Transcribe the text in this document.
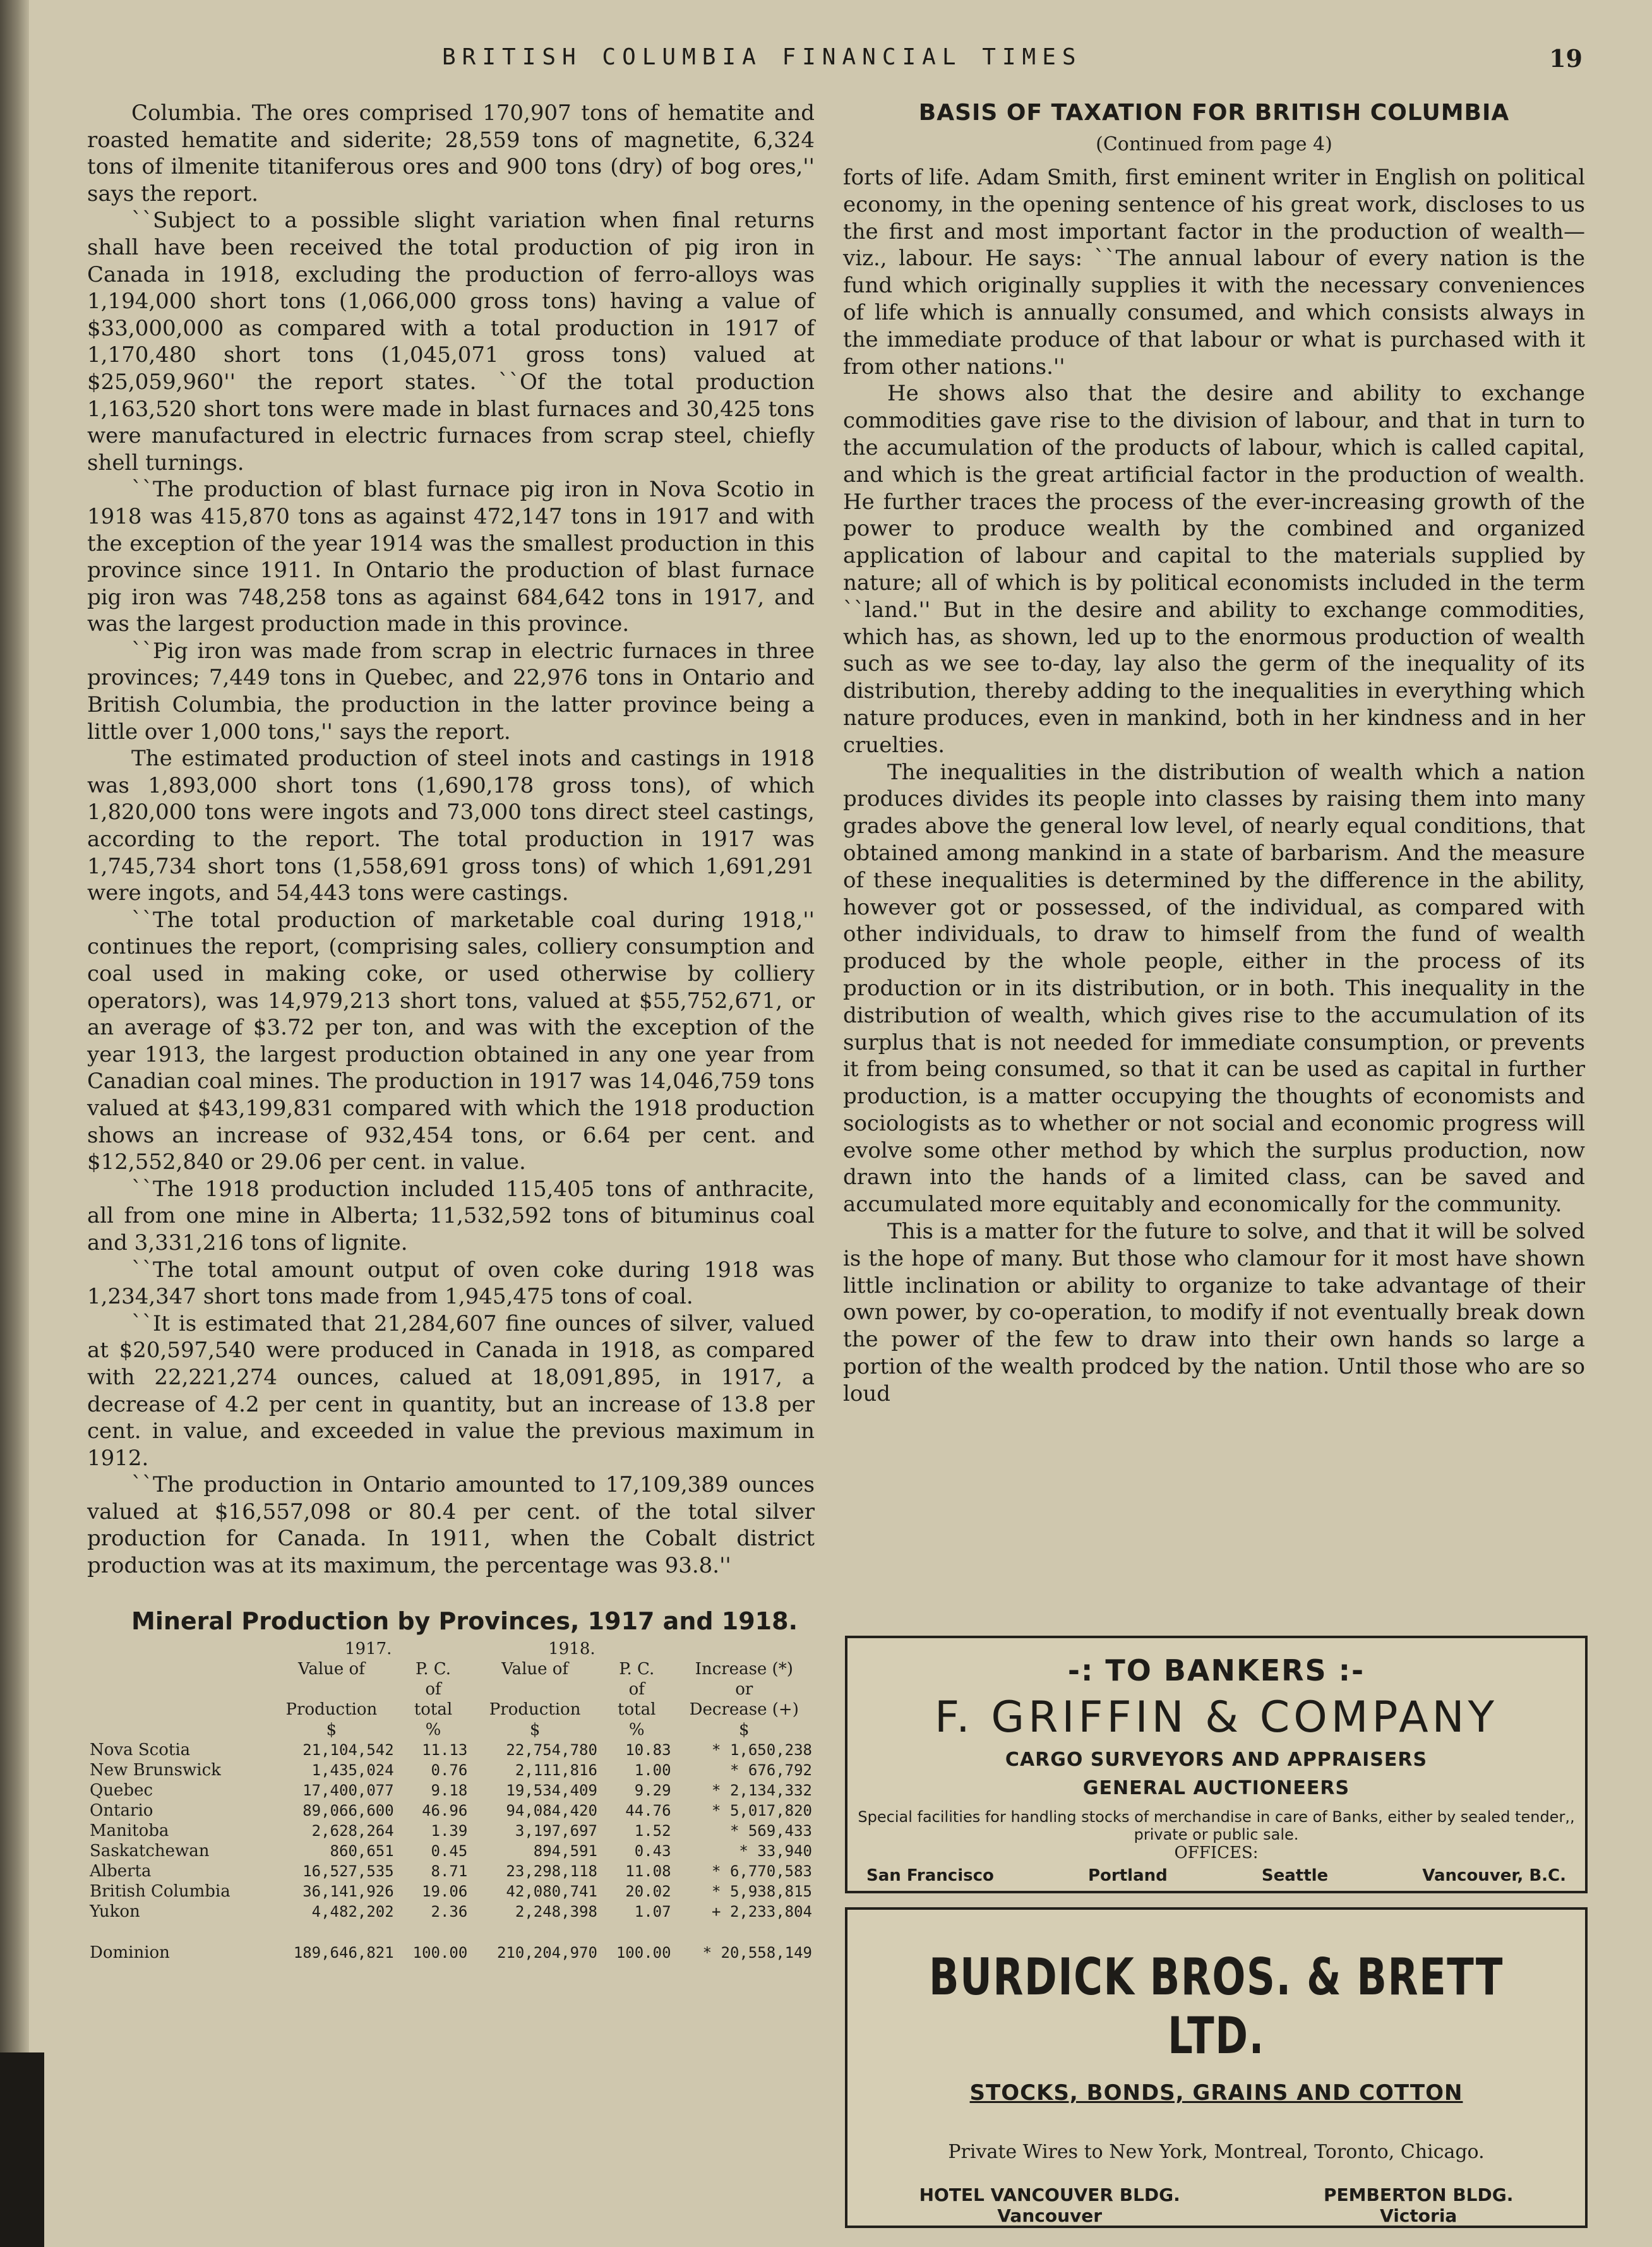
BRITISH COLUMBIA FINANCIAL TIMES	19

Columbia. The ores comprised 170,907 tons of hematite and roasted hematite and siderite; 28,559 tons of magnetite, 6,324 tons of ilmenite titaniferous ores and 900 tons (dry) of bog ores,'' says the report.

``Subject to a possible slight variation when final returns shall have been received the total production of pig iron in Canada in 1918, excluding the production of ferro-alloys was 1,194,000 short tons (1,066,000 gross tons) having a value of $33,000,000 as compared with a total production in 1917 of 1,170,480 short tons (1,045,071 gross tons) valued at $25,059,960'' the report states. ``Of the total production 1,163,520 short tons were made in blast furnaces and 30,425 tons were manufactured in electric furnaces from scrap steel, chiefly shell turnings.

``The production of blast furnace pig iron in Nova Scotio in 1918 was 415,870 tons as against 472,147 tons in 1917 and with the exception of the year 1914 was the smallest production in this province since 1911. In Ontario the production of blast furnace pig iron was 748,258 tons as against 684,642 tons in 1917, and was the largest production made in this province.

``Pig iron was made from scrap in electric furnaces in three provinces; 7,449 tons in Quebec, and 22,976 tons in Ontario and British Columbia, the production in the latter province being a little over 1,000 tons,'' says the report.

The estimated production of steel inots and castings in 1918 was 1,893,000 short tons (1,690,178 gross tons), of which 1,820,000 tons were ingots and 73,000 tons direct steel castings, according to the report. The total production in 1917 was 1,745,734 short tons (1,558,691 gross tons) of which 1,691,291 were ingots, and 54,443 tons were castings.

``The total production of marketable coal during 1918,'' continues the report, (comprising sales, colliery consumption and coal used in making coke, or used otherwise by colliery operators), was 14,979,213 short tons, valued at $55,752,671, or an average of $3.72 per ton, and was with the exception of the year 1913, the largest production obtained in any one year from Canadian coal mines. The production in 1917 was 14,046,759 tons valued at $43,199,831 compared with which the 1918 production shows an increase of 932,454 tons, or 6.64 per cent. and $12,552,840 or 29.06 per cent. in value.

``The 1918 production included 115,405 tons of anthracite, all from one mine in Alberta; 11,532,592 tons of bituminus coal and 3,331,216 tons of lignite.

``The total amount output of oven coke during 1918 was 1,234,347 short tons made from 1,945,475 tons of coal.

``It is estimated that 21,284,607 fine ounces of silver, valued at $20,597,540 were produced in Canada in 1918, as compared with 22,221,274 ounces, calued at 18,091,895, in 1917, a decrease of 4.2 per cent in quantity, but an increase of 13.8 per cent. in value, and exceeded in value the previous maximum in 1912.

``The production in Ontario amounted to 17,109,389 ounces valued at $16,557,098 or 80.4 per cent. of the total silver production for Canada. In 1911, when the Cobalt district production was at its maximum, the percentage was 93.8.''

Mineral Production by Provinces, 1917 and 1918.
	1917.		1918.		
	Value of	P. C.	Value of	P. C.	Increase (*)
		of		of	or
	Production	total	Production	total	Decrease (+)
	$	%	$	%	$
Nova Scotia	21,104,542	11.13	22,754,780	10.83	* 1,650,238
New Brunswick	1,435,024	0.76	2,111,816	1.00	* 676,792
Quebec	17,400,077	9.18	19,534,409	9.29	* 2,134,332
Ontario	89,066,600	46.96	94,084,420	44.76	* 5,017,820
Manitoba	2,628,264	1.39	3,197,697	1.52	* 569,433
Saskatchewan	860,651	0.45	894,591	0.43	* 33,940
Alberta	16,527,535	8.71	23,298,118	11.08	* 6,770,583
British Columbia	36,141,926	19.06	42,080,741	20.02	* 5,938,815
Yukon	4,482,202	2.36	2,248,398	1.07	+ 2,233,804
Dominion	189,646,821	100.00	210,204,970	100.00	* 20,558,149
BASIS OF TAXATION FOR BRITISH COLUMBIA
(Continued from page 4)

forts of life. Adam Smith, first eminent writer in English on political economy, in the opening sentence of his great work, discloses to us the first and most important factor in the production of wealth—viz., labour. He says: ``The annual labour of every nation is the fund which originally supplies it with the necessary conveniences of life which is annually consumed, and which consists always in the immediate produce of that labour or what is purchased with it from other nations.''

He shows also that the desire and ability to exchange commodities gave rise to the division of labour, and that in turn to the accumulation of the products of labour, which is called capital, and which is the great artificial factor in the production of wealth. He further traces the process of the ever-increasing growth of the power to produce wealth by the combined and organized application of labour and capital to the materials supplied by nature; all of which is by political economists included in the term ``land.'' But in the desire and ability to exchange commodities, which has, as shown, led up to the enormous production of wealth such as we see to-day, lay also the germ of the inequality of its distribution, thereby adding to the inequalities in everything which nature produces, even in mankind, both in her kindness and in her cruelties.

The inequalities in the distribution of wealth which a nation produces divides its people into classes by raising them into many grades above the general low level, of nearly equal conditions, that obtained among mankind in a state of barbarism. And the measure of these inequalities is determined by the difference in the ability, however got or possessed, of the individual, as compared with other individuals, to draw to himself from the fund of wealth produced by the whole people, either in the process of its production or in its distribution, or in both. This inequality in the distribution of wealth, which gives rise to the accumulation of its surplus that is not needed for immediate consumption, or prevents it from being consumed, so that it can be used as capital in further production, is a matter occupying the thoughts of economists and sociologists as to whether or not social and economic progress will evolve some other method by which the surplus production, now drawn into the hands of a limited class, can be saved and accumulated more equitably and economically for the community.

This is a matter for the future to solve, and that it will be solved is the hope of many. But those who clamour for it most have shown little inclination or ability to organize to take advantage of their own power, by co-operation, to modify if not eventually break down the power of the few to draw into their own hands so large a portion of the wealth prodced by the nation. Until those who are so loud

-: TO BANKERS :-
F. GRIFFIN & COMPANY
CARGO SURVEYORS AND APPRAISERS
GENERAL AUCTIONEERS
Special facilities for handling stocks of merchandise in care of Banks, either by sealed tender,, private or public sale.
OFFICES:
San Francisco	Portland	Seattle	Vancouver, B.C.
BURDICK BROS. & BRETT LTD.
STOCKS, BONDS, GRAINS AND COTTON
Private Wires to New York, Montreal, Toronto, Chicago.
HOTEL VANCOUVER BLDG.
Vancouver
PEMBERTON BLDG.
Victoria
